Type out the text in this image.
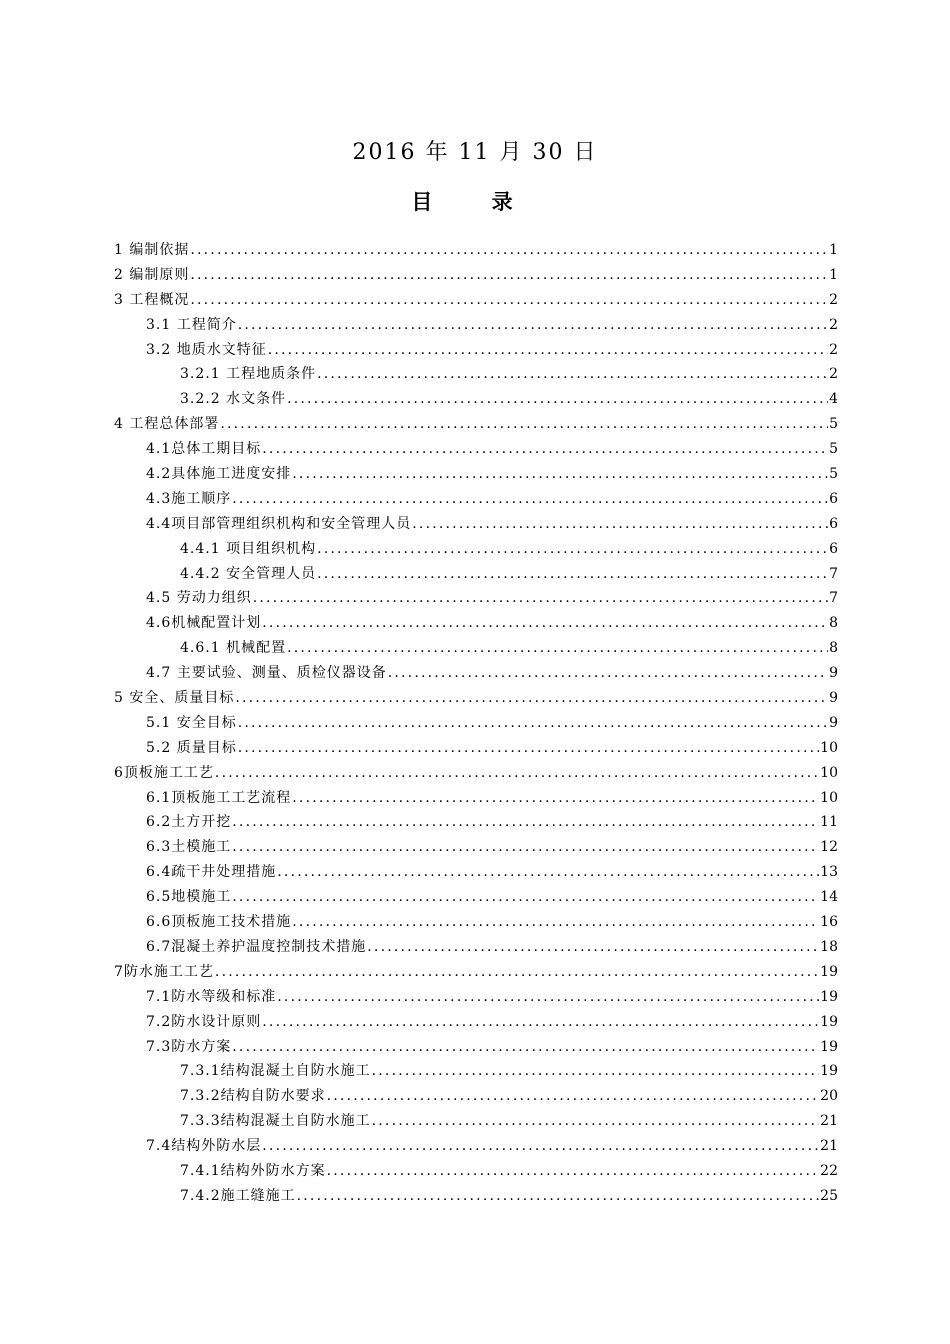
2016 年 11 月 30 日
目 录
1 编制依据 .....	1
2 编制原则 .....	1
3 工程概况 .....	2
3.1 工程简介 .....	2
3.2 地质水文特征 .....	2
3.2.1 工程地质条件 .....	2
3.2.2 水文条件 .....	4
4 工程总体部署 .....	5
4.1总体工期目标 .....	5
4.2具体施工进度安排 .....	5
4.3施工顺序 .....	6
4.4项目部管理组织机构和安全管理人员 .....	6
4.4.1 项目组织机构 .....	6
4.4.2 安全管理人员 .....	7
4.5 劳动力组织 .....	7
4.6机械配置计划 .....	8
4.6.1 机械配置 .....	8
4.7 主要试验、测量、质检仪器设备 .....	9
5 安全、质量目标 .....	9
5.1 安全目标 .....	9
5.2 质量目标 .....	10
6顶板施工工艺 .....	10
6.1顶板施工工艺流程 .....	10
6.2土方开挖 .....	11
6.3土模施工 .....	12
6.4疏干井处理措施 .....	13
6.5地模施工 .....	14
6.6顶板施工技术措施 .....	16
6.7混凝土养护温度控制技术措施 .....	18
7防水施工工艺 .....	19
7.1防水等级和标准 .....	19
7.2防水设计原则 .....	19
7.3防水方案 .....	19
7.3.1结构混凝土自防水施工 .....	19
7.3.2结构自防水要求 .....	20
7.3.3结构混凝土自防水施工 .....	21
7.4结构外防水层 .....	21
7.4.1结构外防水方案 .....	22
7.4.2施工缝施工 .....	25
